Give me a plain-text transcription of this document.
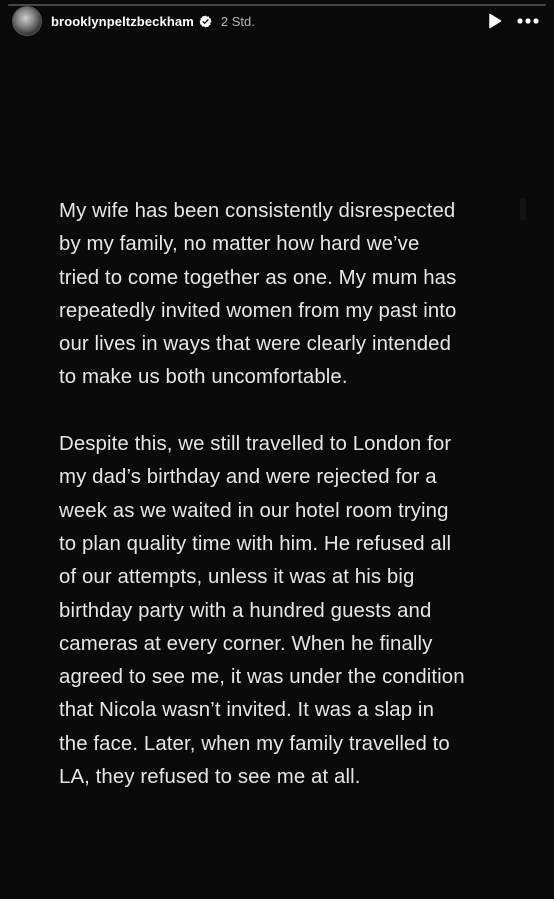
brooklynpeltzbeckham 2 Std.

My wife has been consistently disrespected
by my family, no matter how hard we’ve
tried to come together as one. My mum has
repeatedly invited women from my past into
our lives in ways that were clearly intended
to make us both uncomfortable.

Despite this, we still travelled to London for
my dad’s birthday and were rejected for a
week as we waited in our hotel room trying
to plan quality time with him. He refused all
of our attempts, unless it was at his big
birthday party with a hundred guests and
cameras at every corner. When he finally
agreed to see me, it was under the condition
that Nicola wasn’t invited. It was a slap in
the face. Later, when my family travelled to
LA, they refused to see me at all.
